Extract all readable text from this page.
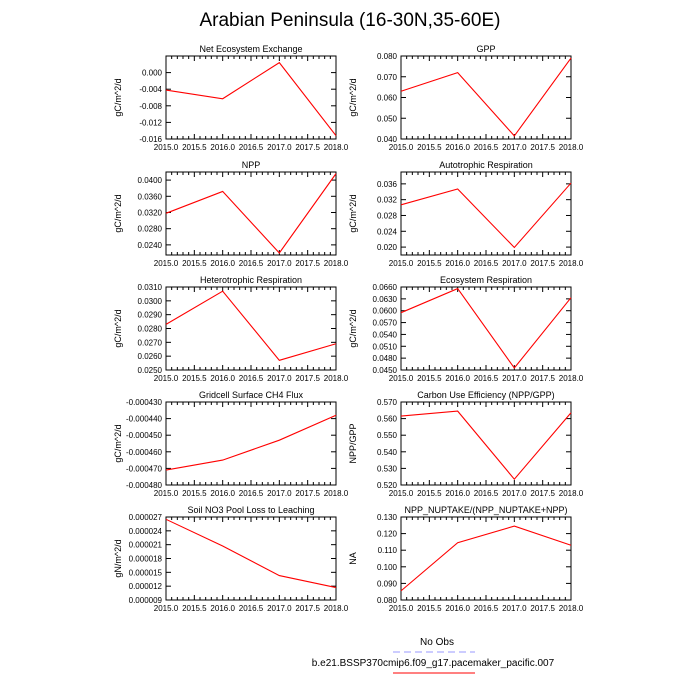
Arabian Peninsula (16-30N,35-60E)
Net Ecosystem Exchange
gC/m^2/d
2015.0 2015.5 2016.0 2016.5 2017.0 2017.5 2018.0
0.000
-0.004
-0.008
-0.012
-0.016
GPP
gC/m^2/d
2015.0 2015.5 2016.0 2016.5 2017.0 2017.5 2018.0
0.080
0.070
0.060
0.050
0.040
NPP
gC/m^2/d
2015.0 2015.5 2016.0 2016.5 2017.0 2017.5 2018.0
0.0400
0.0360
0.0320
0.0280
0.0240
Autotrophic Respiration
gC/m^2/d
2015.0 2015.5 2016.0 2016.5 2017.0 2017.5 2018.0
0.036
0.032
0.028
0.024
0.020
Heterotrophic Respiration
gC/m^2/d
2015.0 2015.5 2016.0 2016.5 2017.0 2017.5 2018.0
0.0310
0.0300
0.0290
0.0280
0.0270
0.0260
0.0250
Ecosystem Respiration
gC/m^2/d
2015.0 2015.5 2016.0 2016.5 2017.0 2017.5 2018.0
0.0660
0.0630
0.0600
0.0570
0.0540
0.0510
0.0480
0.0450
Gridcell Surface CH4 Flux
gC/m^2/d
2015.0 2015.5 2016.0 2016.5 2017.0 2017.5 2018.0
-0.000430
-0.000440
-0.000450
-0.000460
-0.000470
-0.000480
Carbon Use Efficiency (NPP/GPP)
NPP/GPP
2015.0 2015.5 2016.0 2016.5 2017.0 2017.5 2018.0
0.570
0.560
0.550
0.540
0.530
0.520
Soil NO3 Pool Loss to Leaching
gN/m^2/d
2015.0 2015.5 2016.0 2016.5 2017.0 2017.5 2018.0
0.000027
0.000024
0.000021
0.000018
0.000015
0.000012
0.000009
NPP_NUPTAKE/(NPP_NUPTAKE+NPP)
NA
2015.0 2015.5 2016.0 2016.5 2017.0 2017.5 2018.0
0.130
0.120
0.110
0.100
0.090
0.080
No Obs
b.e21.BSSP370cmip6.f09_g17.pacemaker_pacific.007
